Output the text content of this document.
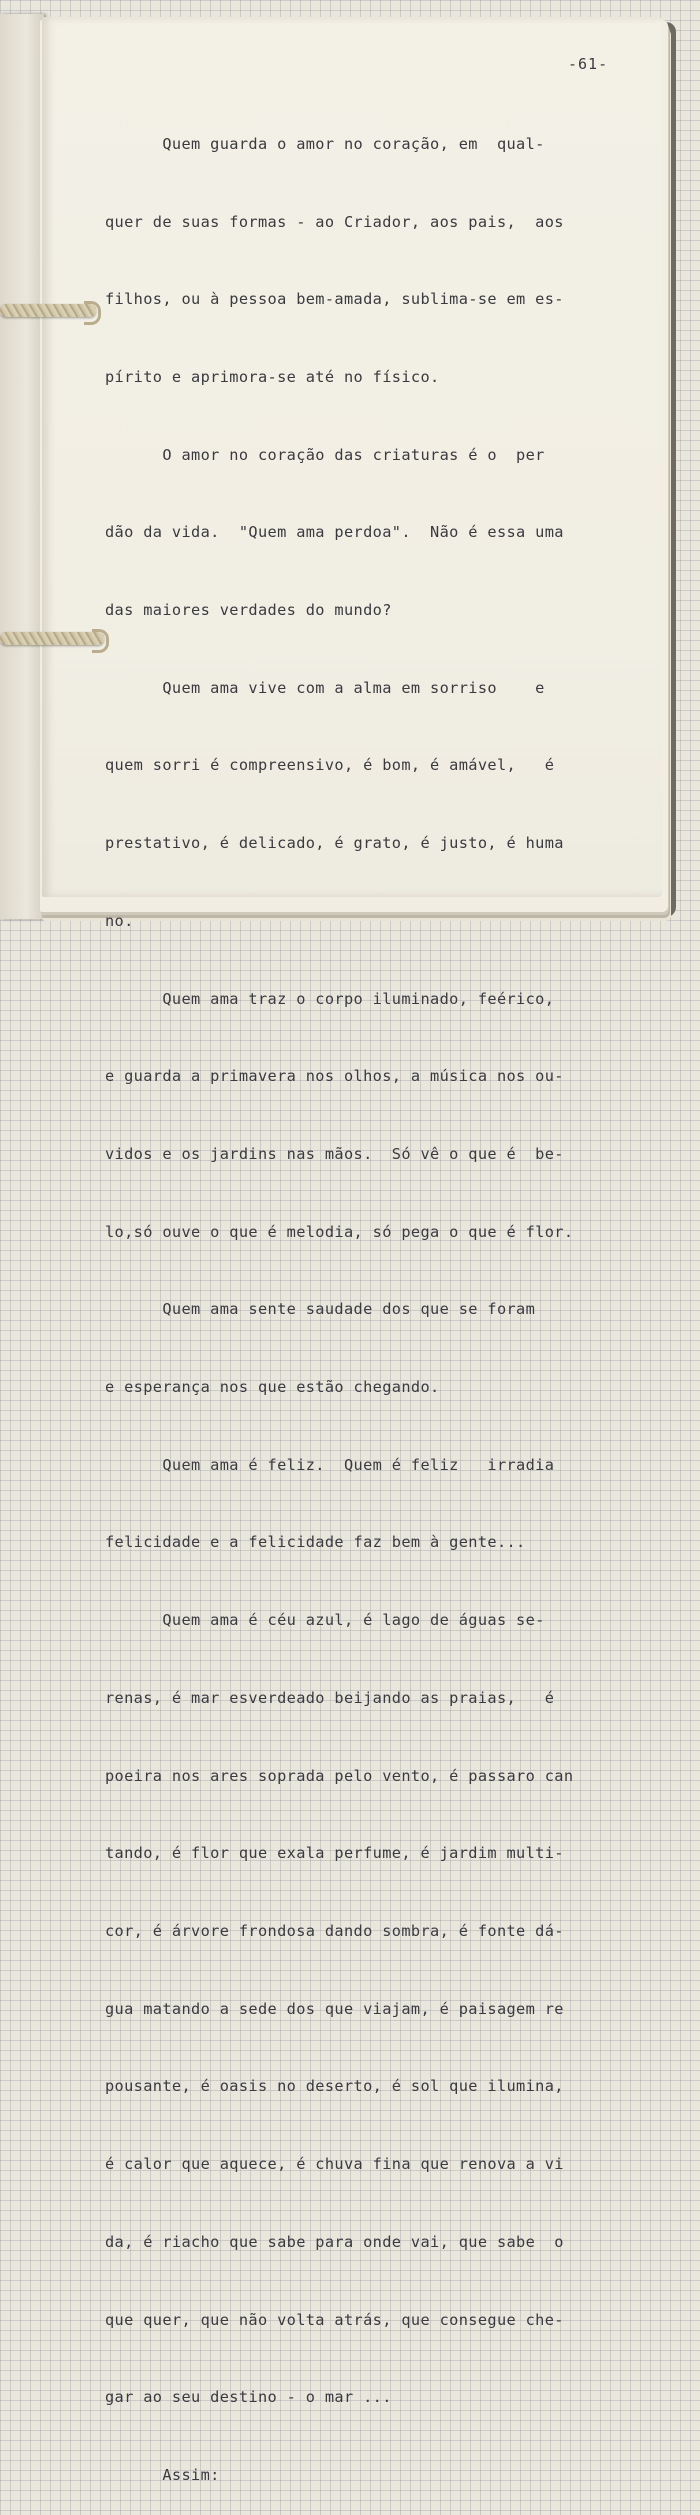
-61-

Quem guarda o amor no coração, em  qual-

quer de suas formas - ao Criador, aos pais,  aos

filhos, ou à pessoa bem-amada, sublima-se em es-

pírito e aprimora-se até no físico.

O amor no coração das criaturas é o  per

dão da vida.  "Quem ama perdoa".  Não é essa uma

das maiores verdades do mundo?

Quem ama vive com a alma em sorriso    e

quem sorri é compreensivo, é bom, é amável,   é

prestativo, é delicado, é grato, é justo, é huma

no.

Quem ama traz o corpo iluminado, feérico,

e guarda a primavera nos olhos, a música nos ou-

vidos e os jardins nas mãos.  Só vê o que é  be-

lo,só ouve o que é melodia, só pega o que é flor.

Quem ama sente saudade dos que se foram

e esperança nos que estão chegando.

Quem ama é feliz.  Quem é feliz   irradia

felicidade e a felicidade faz bem à gente...

Quem ama é céu azul, é lago de águas se-

renas, é mar esverdeado beijando as praias,   é

poeira nos ares soprada pelo vento, é passaro can

tando, é flor que exala perfume, é jardim multi-

cor, é árvore frondosa dando sombra, é fonte dá-

gua matando a sede dos que viajam, é paisagem re

pousante, é oasis no deserto, é sol que ilumina,

é calor que aquece, é chuva fina que renova a vi

da, é riacho que sabe para onde vai, que sabe  o

que quer, que não volta atrás, que consegue che-

gar ao seu destino - o mar ...

Assim:
